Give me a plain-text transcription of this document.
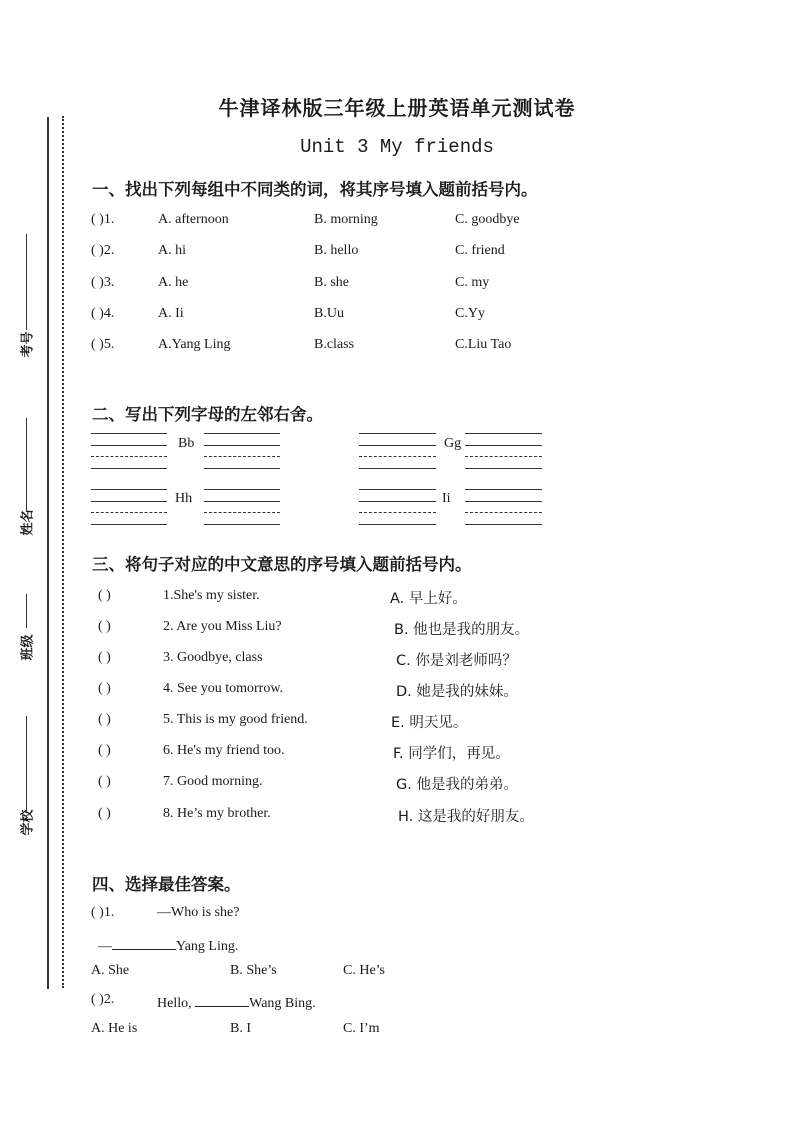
考号
姓名
班级
学校
牛津译林版三年级上册英语单元测试卷
Unit 3 My friends
一、找出下列每组中不同类的词，将其序号填入题前括号内。
( )1.	A. afternoon	B. morning	C. goodbye
( )2.	A. hi	B. hello	C. friend
( )3.	A. he	B. she	C. my
( )4.	A. Ii	B.Uu	C.Yy
( )5.	A.Yang Ling	B.class	C.Liu Tao
二、写出下列字母的左邻右舍。
Bb	Gg
Hh	Ii
三、将句子对应的中文意思的序号填入题前括号内。
( )	1.She's my sister.	A. 早上好。
( )	2. Are you Miss Liu?	B. 他也是我的朋友。
( )	3. Goodbye, class	C. 你是刘老师吗？
( )	4. See you tomorrow.	D. 她是我的妹妹。
( )	5. This is my good friend.	E. 明天见。
( )	6. He's my friend too.	F. 同学们，再见。
( )	7. Good morning.	G. 他是我的弟弟。
( )	8. He’s my brother.	H. 这是我的好朋友。
四、选择最佳答案。
( )1.	—Who is she?
—	Yang Ling.
A. She	B. She’s	C. He’s
( )2.	Hello,	Wang Bing.
A. He is	B. I	C. I’m
